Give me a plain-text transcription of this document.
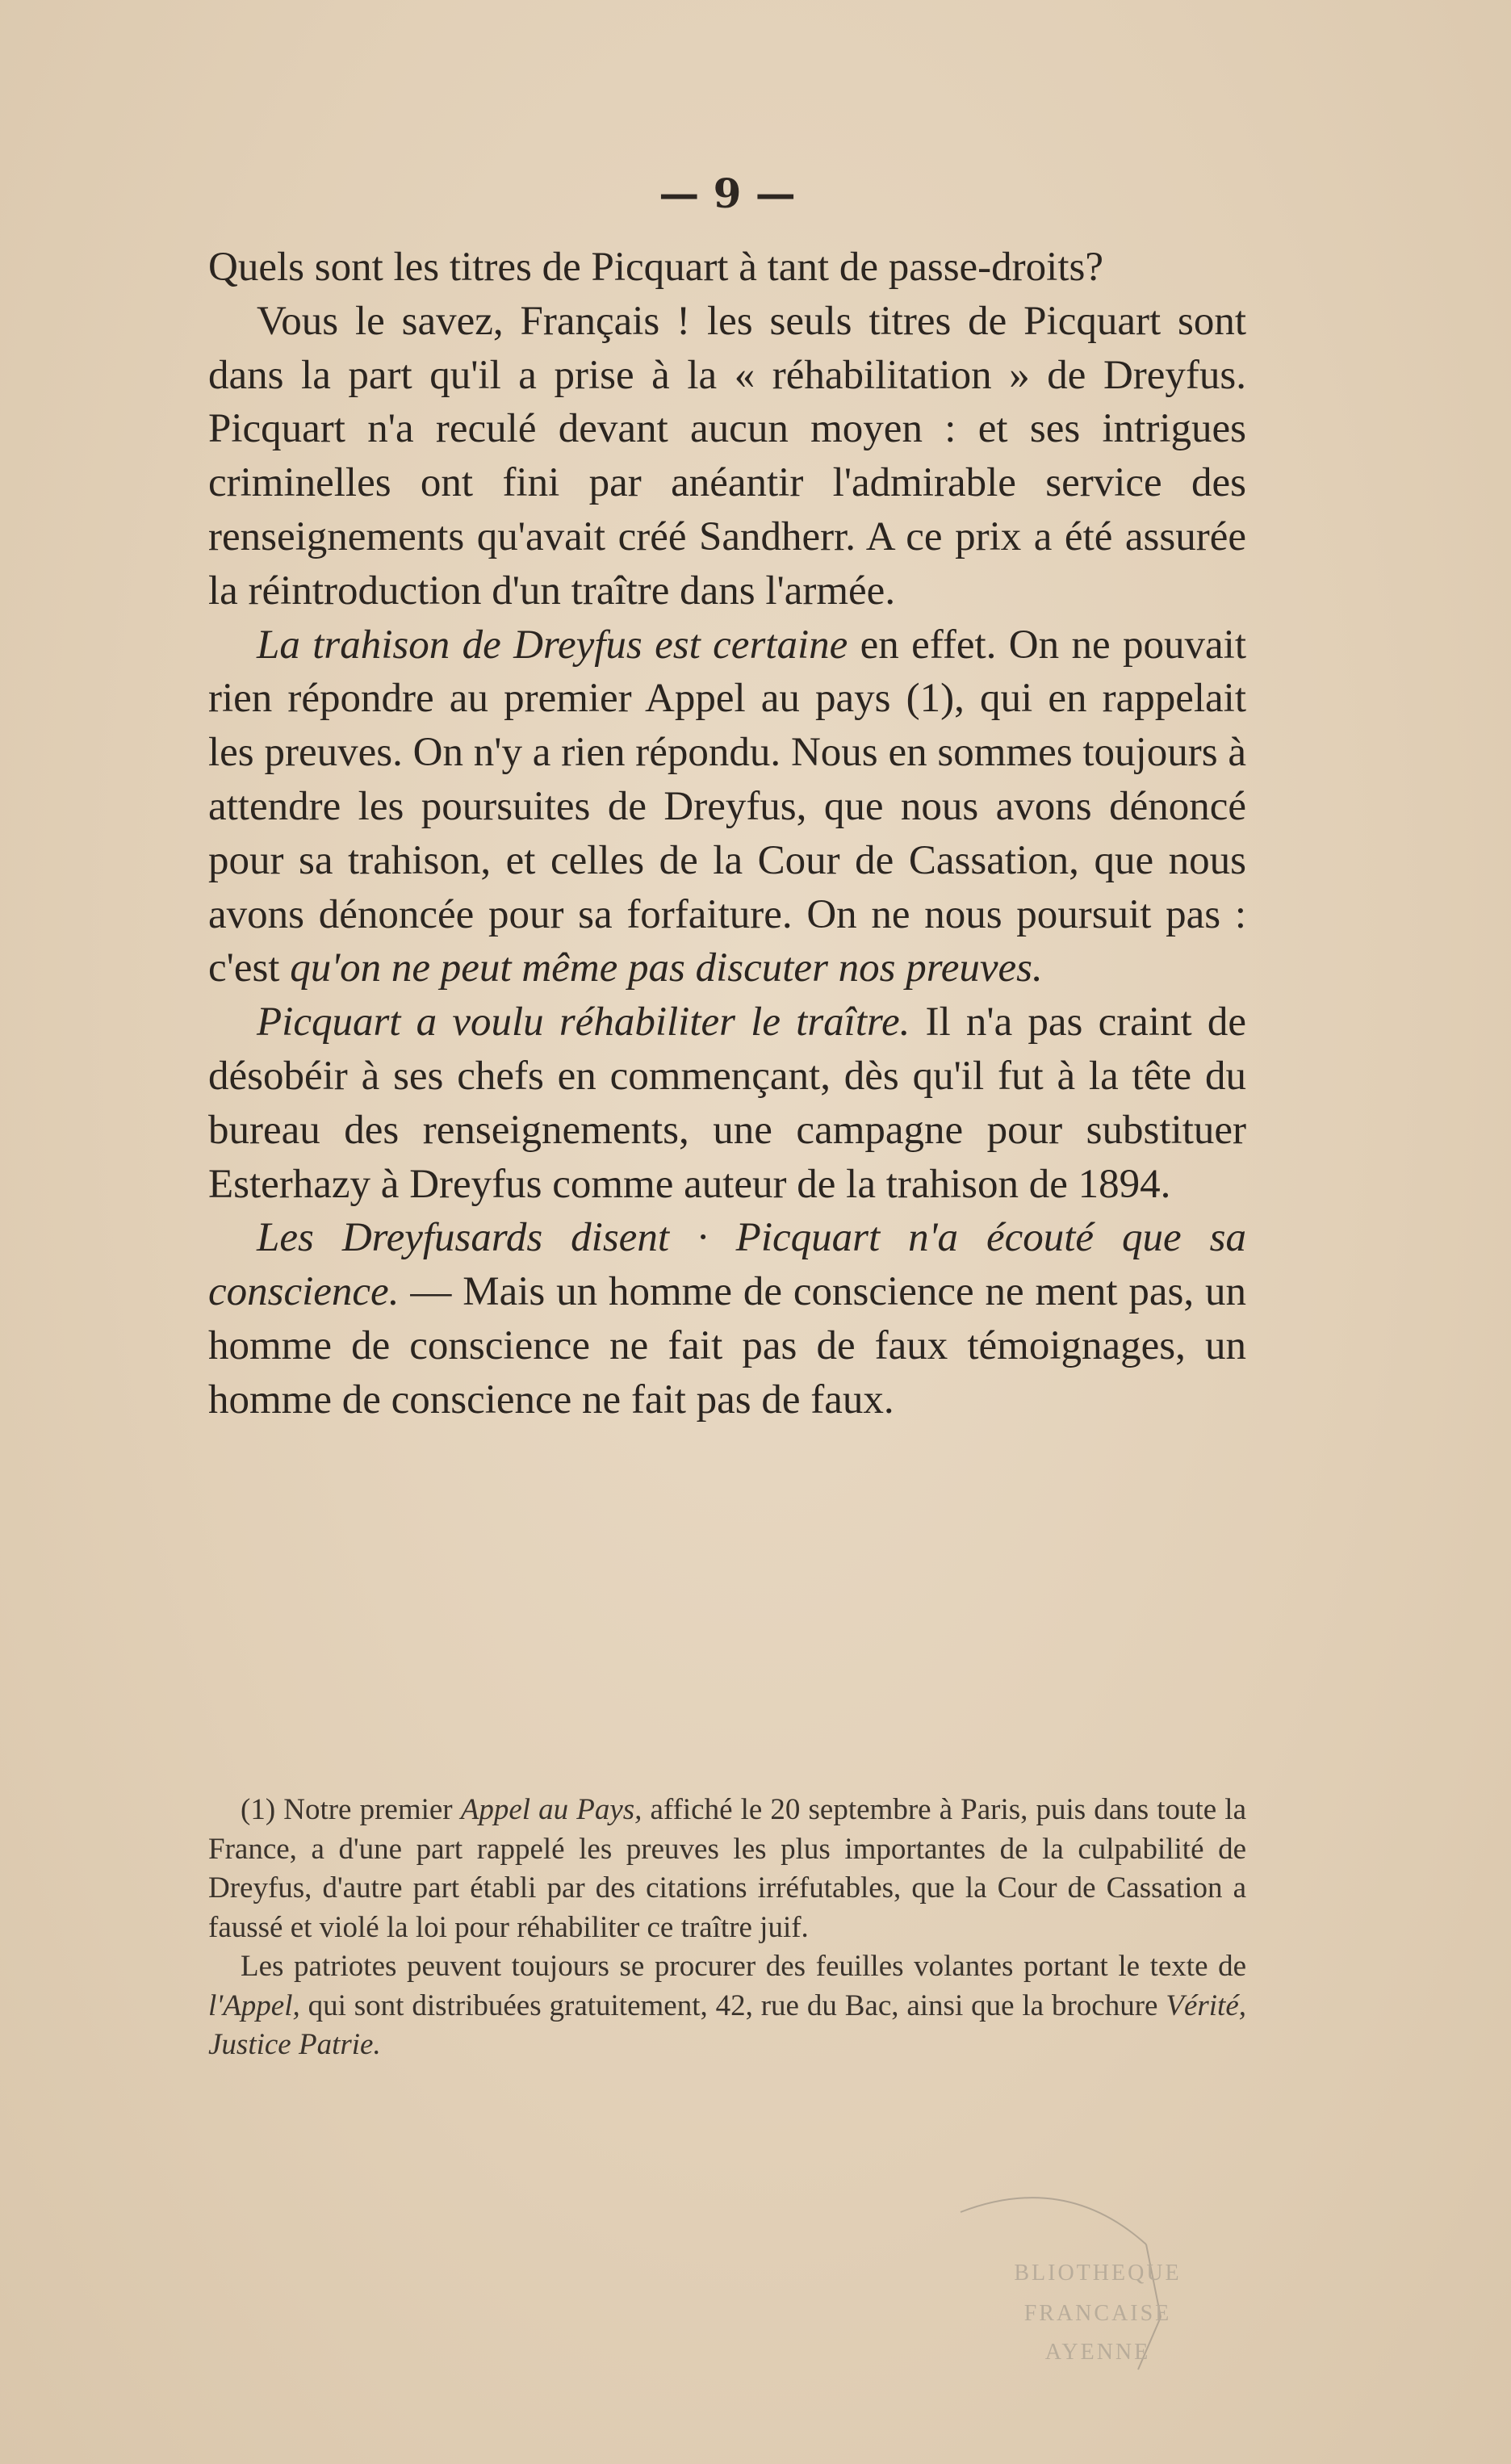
— 9 —

Quels sont les titres de Picquart à tant de passe-droits?

Vous le savez, Français ! les seuls titres de Picquart sont dans la part qu'il a prise à la « réhabilitation » de Dreyfus. Picquart n'a reculé devant aucun moyen : et ses intrigues criminelles ont fini par anéantir l'admirable service des renseignements qu'avait créé Sandherr. A ce prix a été assurée la réintroduction d'un traître dans l'armée.

La trahison de Dreyfus est certaine en effet. On ne pouvait rien répondre au premier Appel au pays (1), qui en rappelait les preuves. On n'y a rien répondu. Nous en sommes toujours à attendre les poursuites de Dreyfus, que nous avons dénoncé pour sa trahison, et celles de la Cour de Cassation, que nous avons dénoncée pour sa forfaiture. On ne nous poursuit pas : c'est qu'on ne peut même pas discuter nos preuves.

Picquart a voulu réhabiliter le traître. Il n'a pas craint de désobéir à ses chefs en commençant, dès qu'il fut à la tête du bureau des renseignements, une campagne pour substituer Esterhazy à Dreyfus comme auteur de la trahison de 1894.

Les Dreyfusards disent · Picquart n'a écouté que sa conscience. — Mais un homme de conscience ne ment pas, un homme de conscience ne fait pas de faux témoignages, un homme de conscience ne fait pas de faux.

(1) Notre premier Appel au Pays, affiché le 20 septembre à Paris, puis dans toute la France, a d'une part rappelé les preuves les plus importantes de la culpabilité de Dreyfus, d'autre part établi par des citations irréfutables, que la Cour de Cassation a faussé et violé la loi pour réhabiliter ce traître juif.

Les patriotes peuvent toujours se procurer des feuilles volantes portant le texte de l'Appel, qui sont distribuées gratuitement, 42, rue du Bac, ainsi que la brochure Vérité, Justice Patrie.

BLIOTHEQUE
FRANCAISE
AYENNE
